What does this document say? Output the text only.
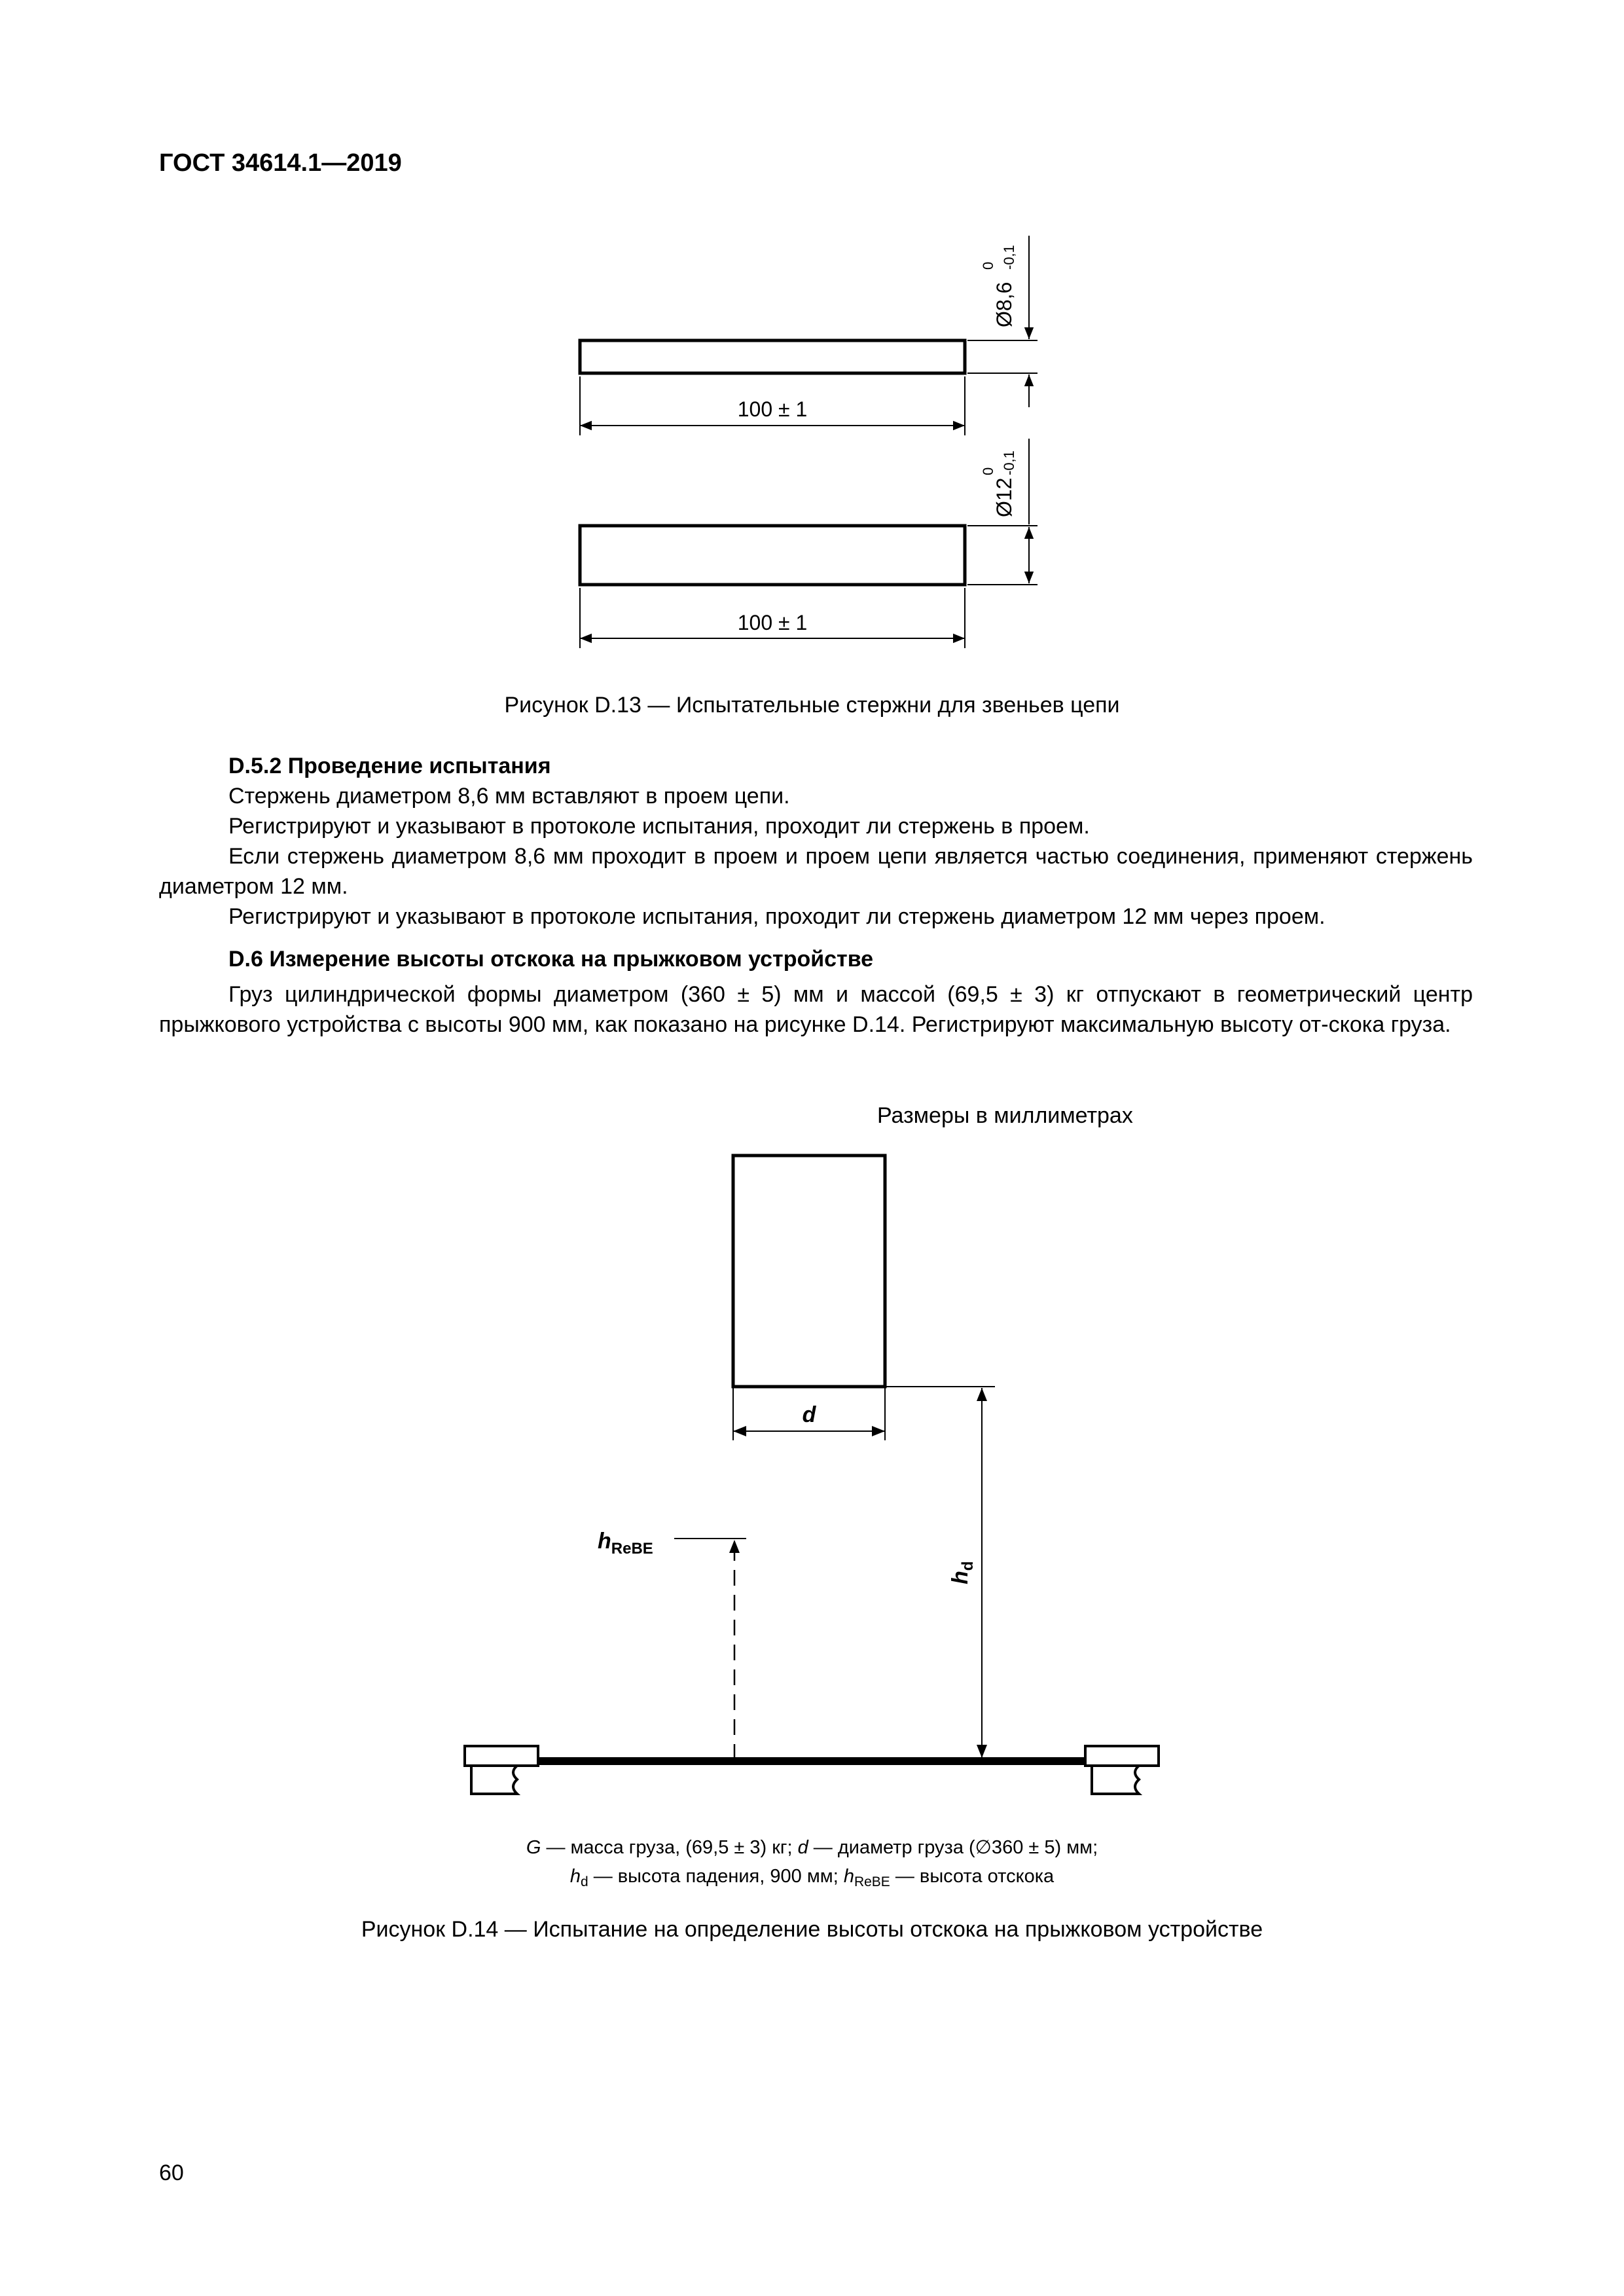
ГОСТ 34614.1—2019
100 ± 1
Ø8,6
0 -0,1
100 ± 1
Ø12
0 -0,1
Рисунок D.13 — Испытательные стержни для звеньев цепи
D.5.2 Проведение испытания
Стержень диаметром 8,6 мм вставляют в проем цепи.
Регистрируют и указывают в протоколе испытания, проходит ли стержень в проем.
Если стержень диаметром 8,6 мм проходит в проем и проем цепи является частью соединения, применяют стержень диаметром 12 мм.
Регистрируют и указывают в протоколе испытания, проходит ли стержень диаметром 12 мм через проем.
D.6 Измерение высоты отскока на прыжковом устройстве
Груз цилиндрической формы диаметром (360 ± 5) мм и массой (69,5 ± 3) кг отпускают в геометрический центр прыжкового устройства с высоты 900 мм, как показано на рисунке D.14. Регистрируют максимальную высоту от-скока груза.
Размеры в миллиметрах
d
$h_d$
$h_{ReBE}$
G — масса груза, (69,5 ± 3) кг; d — диаметр груза (∅360 ± 5) мм;
$h_d$ — высота падения, 900 мм; $h_{ReBE}$ — высота отскока
Рисунок D.14 — Испытание на определение высоты отскока на прыжковом устройстве
60
